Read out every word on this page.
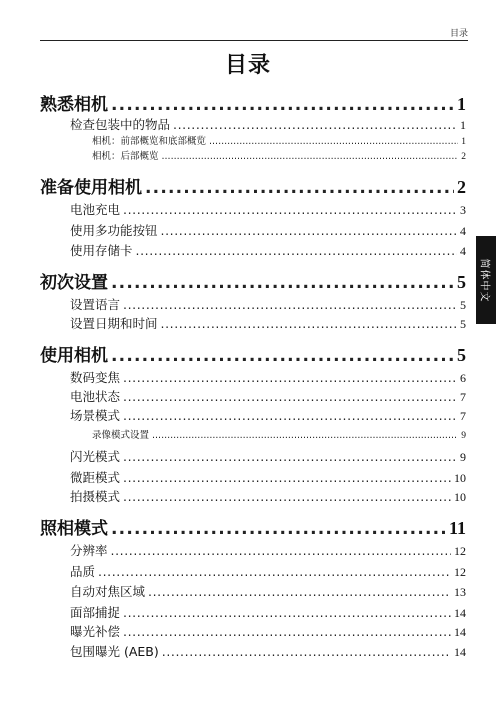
目录
目录
简体中文
熟悉相机 .....	1
检查包装中的物品 .....	1
相机：前部概览和底部概览 .....	1
相机：后部概览 .....	2
准备使用相机 .....	2
电池充电 .....	3
使用多功能按钮 .....	4
使用存储卡 .....	4
初次设置 .....	5
设置语言 .....	5
设置日期和时间 .....	5
使用相机 .....	5
数码变焦 .....	6
电池状态 .....	7
场景模式 .....	7
录像模式设置 .....	9
闪光模式 .....	9
微距模式 .....	10
拍摄模式 .....	10
照相模式 .....	11
分辨率 .....	12
品质 .....	12
自动对焦区域 .....	13
面部捕捉 .....	14
曝光补偿 .....	14
包围曝光 (AEB) .....	14
